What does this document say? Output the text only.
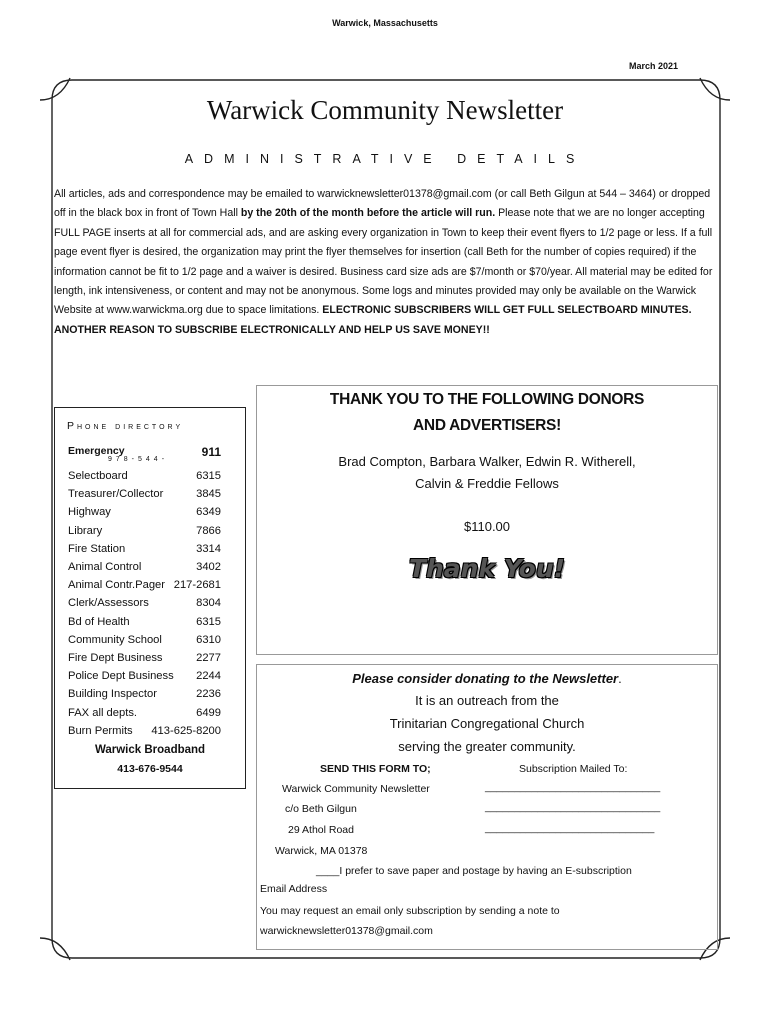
Warwick, Massachusetts
March 2021
Warwick Community Newsletter
ADMINISTRATIVE DETAILS
All articles, ads and correspondence may be emailed to warwicknewsletter01378@gmail.com (or call Beth Gilgun at 544 – 3464) or dropped off in the black box in front of Town Hall by the 20th of the month before the article will run. Please note that we are no longer accepting FULL PAGE inserts at all for commercial ads, and are asking every organization in Town to keep their event flyers to 1/2 page or less. If a full page event flyer is desired, the organization may print the flyer themselves for insertion (call Beth for the number of copies required) if the information cannot be fit to 1/2 page and a waiver is desired. Business card size ads are $7/month or $70/year. All material may be edited for length, ink intensiveness, or content and may not be anonymous. Some logs and minutes provided may only be available on the Warwick Website at www.warwickma.org due to space limitations. ELECTRONIC SUBSCRIBERS WILL GET FULL SELECTBOARD MINUTES. ANOTHER REASON TO SUBSCRIBE ELECTRONICALLY AND HELP US SAVE MONEY!!
Phone directory
Emergency	911
Selectboard	6315
Treasurer/Collector	3845
Highway	6349
Library	7866
Fire Station	3314
Animal Control	3402
Animal Contr.Pager 217-2681
Clerk/Assessors	8304
Bd of Health	6315
Community School	6310
Fire Dept Business	2277
Police Dept Business 2244
Building Inspector	2236
FAX all depts.	6499
Burn Permits 413-625-8200
Warwick Broadband
413-676-9544
978-544-
THANK YOU TO THE FOLLOWING DONORS
AND ADVERTISERS!
Brad Compton, Barbara Walker, Edwin R. Witherell,
Calvin & Freddie Fellows
$110.00
Thank You!
Please consider donating to the Newsletter.
It is an outreach from the
Trinitarian Congregational Church
serving the greater community.
SEND THIS FORM TO;	Subscription Mailed To:
Warwick Community Newsletter	______________________________
c/o Beth Gilgun	______________________________
29 Athol Road	_____________________________
Warwick, MA 01378
____I prefer to save paper and postage by having an E-subscription
Email Address
You may request an email only subscription by sending a note to
warwicknewsletter01378@gmail.com
